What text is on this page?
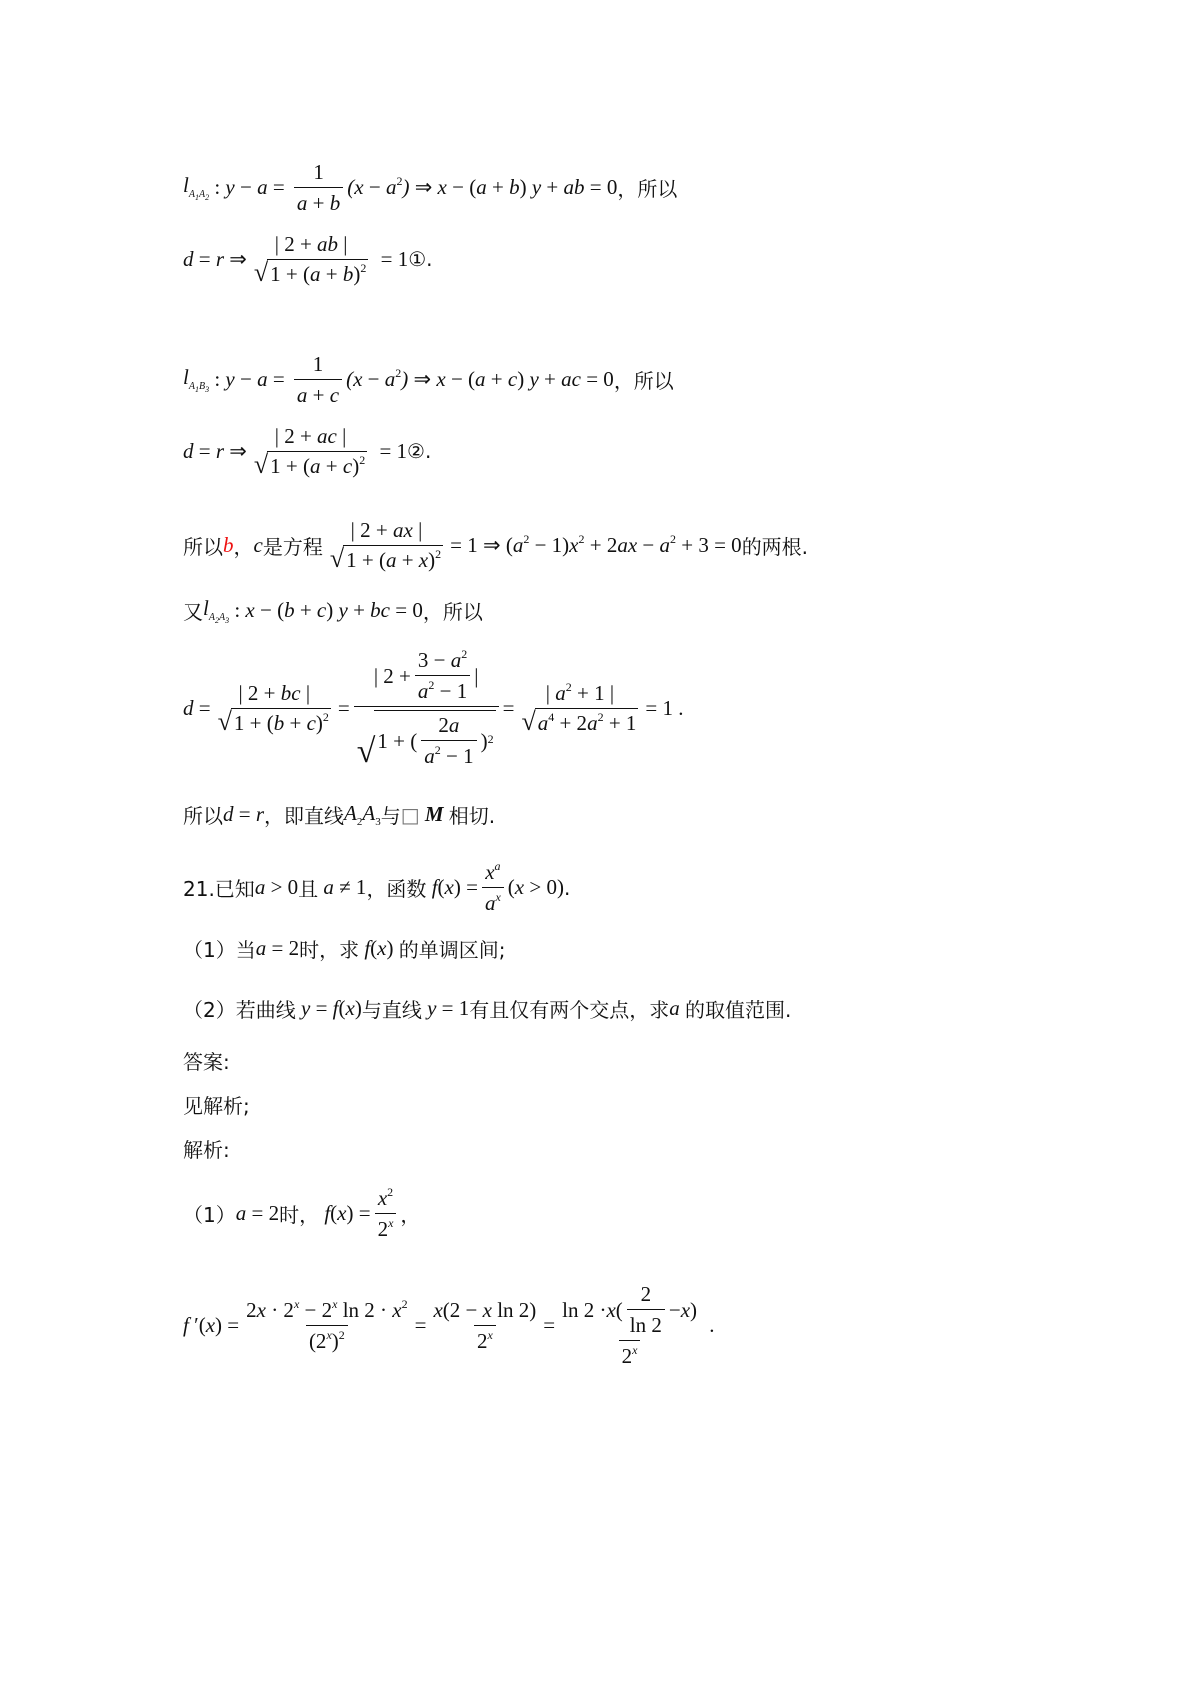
$l_{A_1A_2}$ : $y - a = \frac{1}{a + b} (x - a^2)$ ⇒ x − (a + b) y + ab = 0 ，所以
d = r ⇒
| 2 + ab |
√ $1 + (a + b)^2 = 1$ ①.
$l_{A_1B_3}$ : $y - a = \frac{1}{a + c} (x - a^2)$ ⇒ x − (a + c) y + ac = 0 ，所以
d = r ⇒
| 2 + ac |
√ $1 + (a + c)^2 = 1$ ②.
所以 b ， c 是方程
| 2 + ax |
√ $1 + (a + x)^2 = 1$ ⇒ $(a^2 - 1)x^2 + 2ax - a^2 + 3 = 0$ 的两根.
又 $l_{A_2A_3}$ : x − (b + c) y + bc = 0 ，所以
d =
| 2 + bc |
√ $1 + (b + c)^2 = \frac{| 2 + \frac{3 - a^2}{a^2 - 1} |}{√ 1 + ( \frac{2a}{a^2 - 1} )^2}$ =
| $a^2 + 1$ |
√ $a^4 + 2a^2 + 1$
= 1 .
所以 d = r ，即直线 $A_2A_3$ 与 □ M 相切.
21.已知 a > 0 且 a ≠ 1 ，函数 $f(x) = \frac{x^a}{a^x} (x > 0)$ .
（1）当 a = 2 时，求 f(x) 的单调区间;
（2）若曲线 y = f(x) 与直线 y = 1 有且仅有两个交点，求 a 的取值范围.
答案:
见解析;
解析:
（1） a = 2 时， $f(x) = \frac{x^2}{2^x}$ ，
f $'(x) = \frac{2x \cdot 2^x - 2^x \ln 2 \cdot x^2}{(2^x)^2} = \frac{\text{x(2 − x ln 2)}}{2^x} = \frac{\ln 2 \cdot x ( \frac{2}{\ln 2} - x )}{2^x}$ .
